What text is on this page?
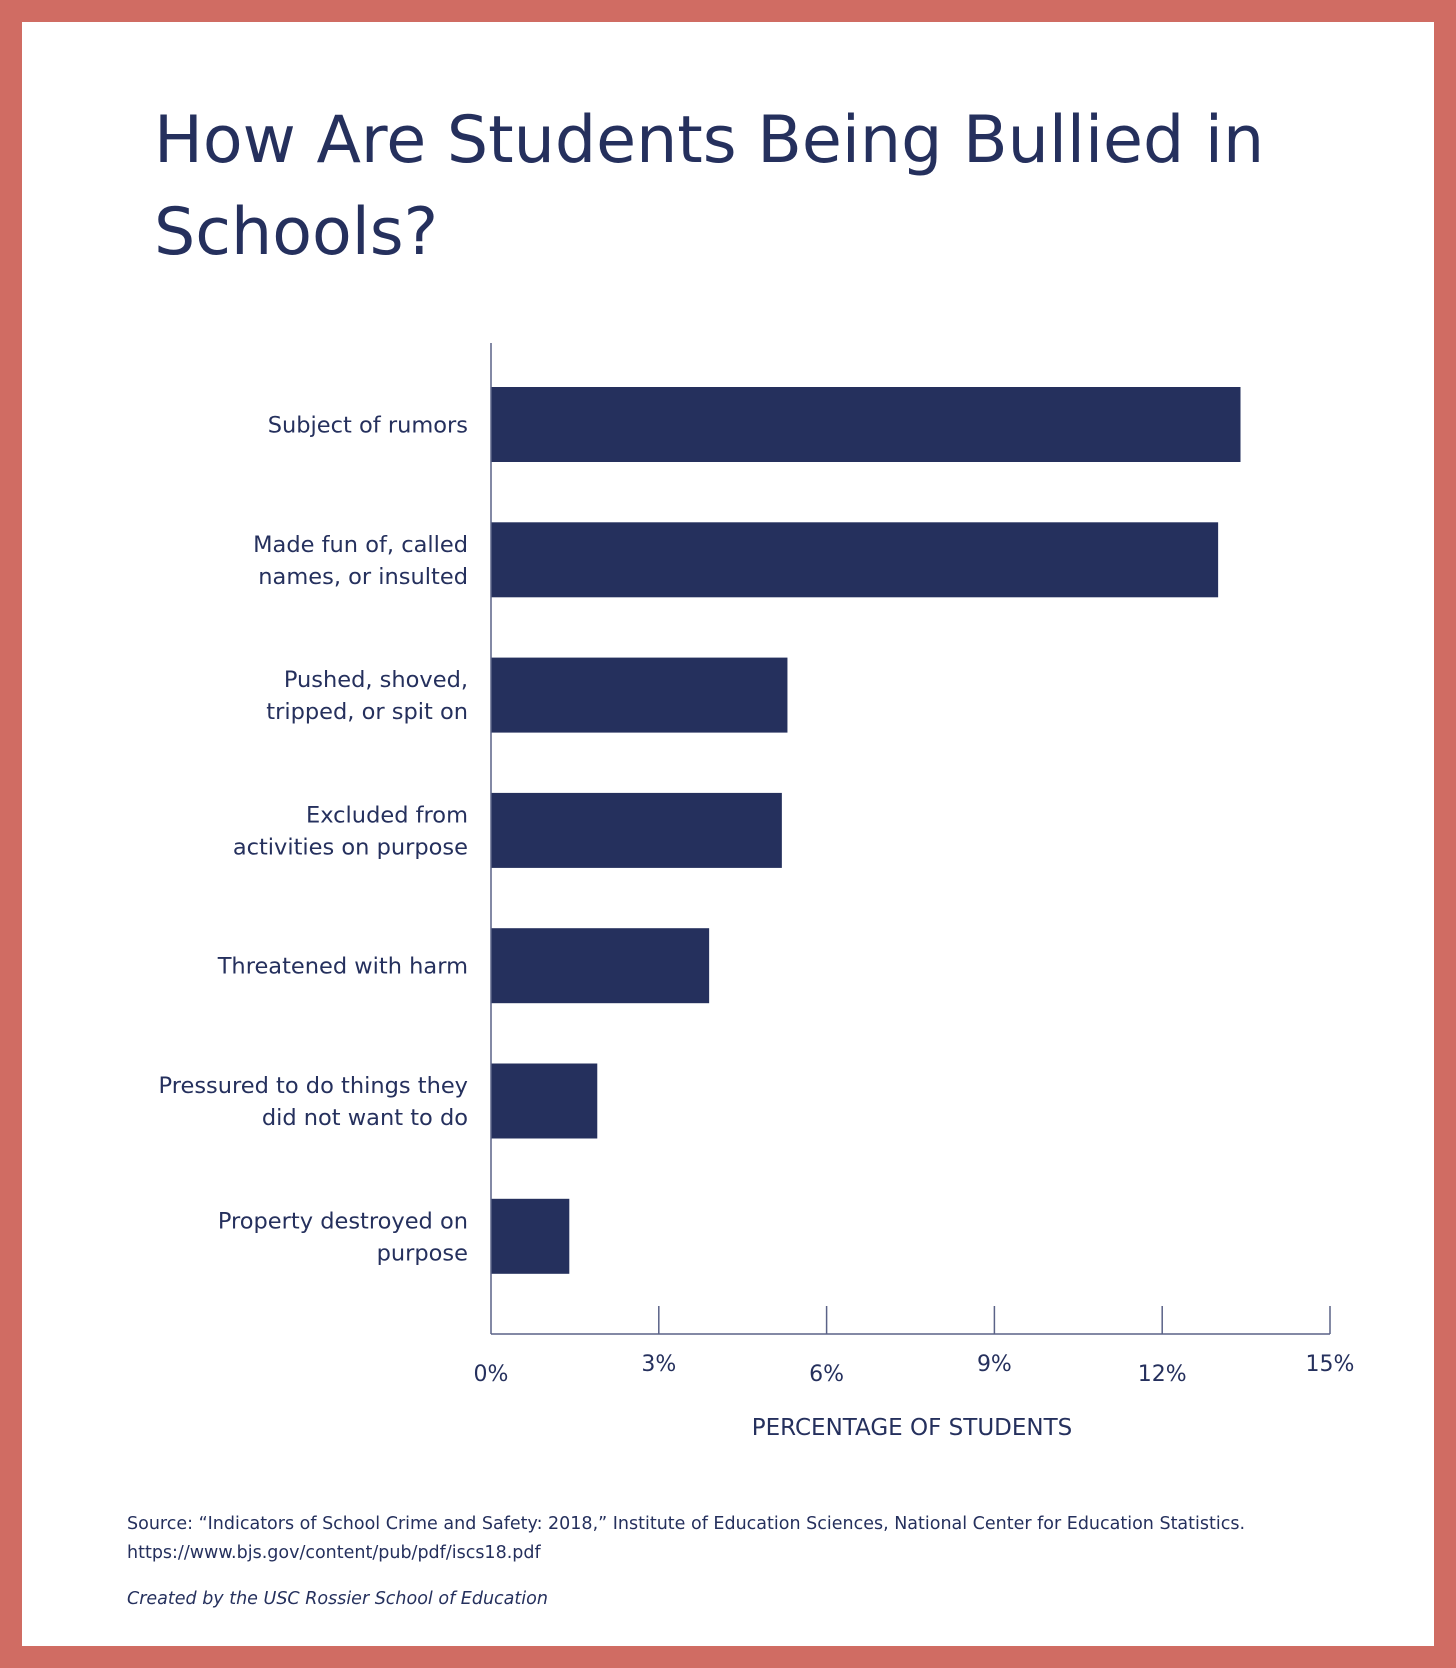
How Are Students Being Bullied in Schools?
Subject of rumors
Made fun of, called
names, or insulted
Pushed, shoved,
tripped, or spit on
Excluded from
activities on purpose
Threatened with harm
Pressured to do things they
did not want to do
Property destroyed on
purpose
0%	3%	6%	9%	12%	15%
PERCENTAGE OF STUDENTS
Source: “Indicators of School Crime and Safety: 2018,” Institute of Education Sciences, National Center for Education Statistics.
https://www.bjs.gov/content/pub/pdf/iscs18.pdf
Created by the USC Rossier School of Education
